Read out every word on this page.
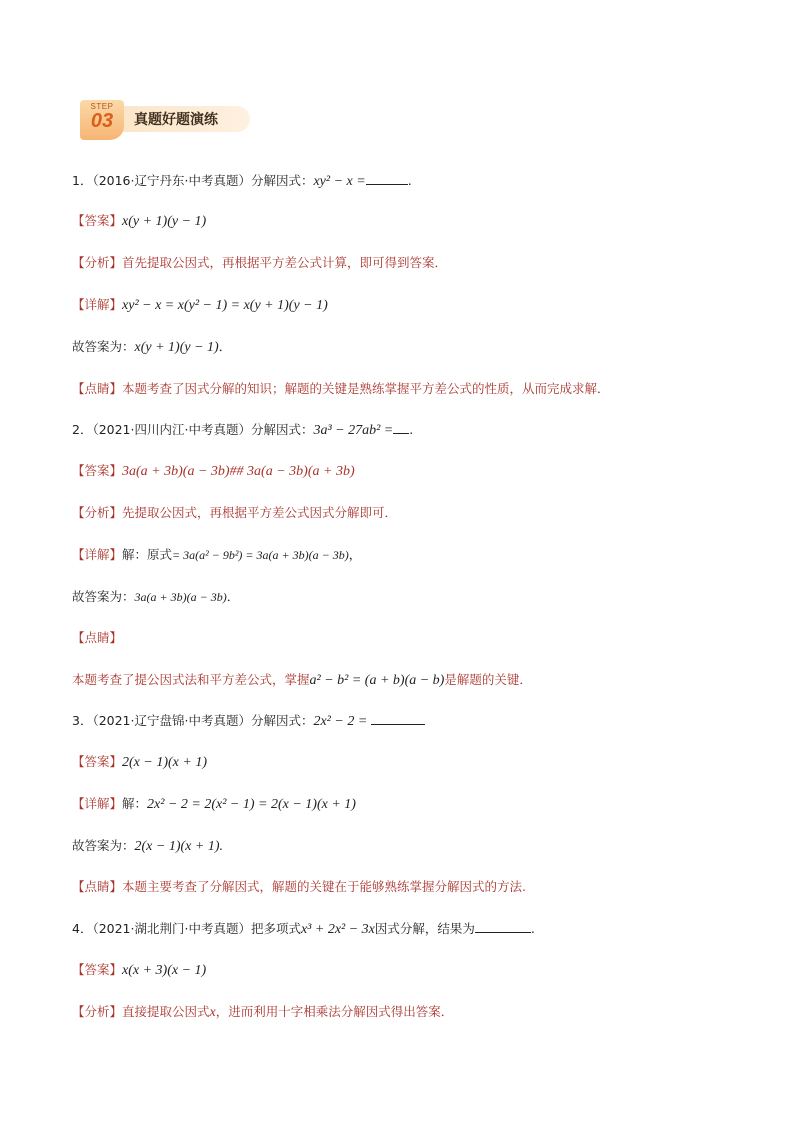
STEP
03	真题好题演练
1．（2016·辽宁丹东·中考真题）分解因式：xy² − x =	.
【答案】x(y + 1)(y − 1)
【分析】首先提取公因式，再根据平方差公式计算，即可得到答案．
【详解】xy² − x = x(y² − 1) = x(y + 1)(y − 1)
故答案为：x(y + 1)(y − 1)．
【点睛】本题考查了因式分解的知识；解题的关键是熟练掌握平方差公式的性质，从而完成求解．
2．（2021·四川内江·中考真题）分解因式：3a³ − 27ab² = .
【答案】3a(a + 3b)(a − 3b)## 3a(a − 3b)(a + 3b)
【分析】先提取公因式，再根据平方差公式因式分解即可．
【详解】解：原式= 3a(a² − 9b²) = 3a(a + 3b)(a − 3b)，
故答案为：3a(a + 3b)(a − 3b)．
【点睛】
本题考查了提公因式法和平方差公式，掌握a² − b² = (a + b)(a − b)是解题的关键．
3．（2021·辽宁盘锦·中考真题）分解因式：2x² − 2 =
【答案】2(x − 1)(x + 1)
【详解】解：2x² − 2 = 2(x² − 1) = 2(x − 1)(x + 1)
故答案为：2(x − 1)(x + 1).
【点睛】本题主要考查了分解因式，解题的关键在于能够熟练掌握分解因式的方法.
4．（2021·湖北荆门·中考真题）把多项式x³ + 2x² − 3x因式分解，结果为	.
【答案】x(x + 3)(x − 1)
【分析】直接提取公因式x，进而利用十字相乘法分解因式得出答案．
